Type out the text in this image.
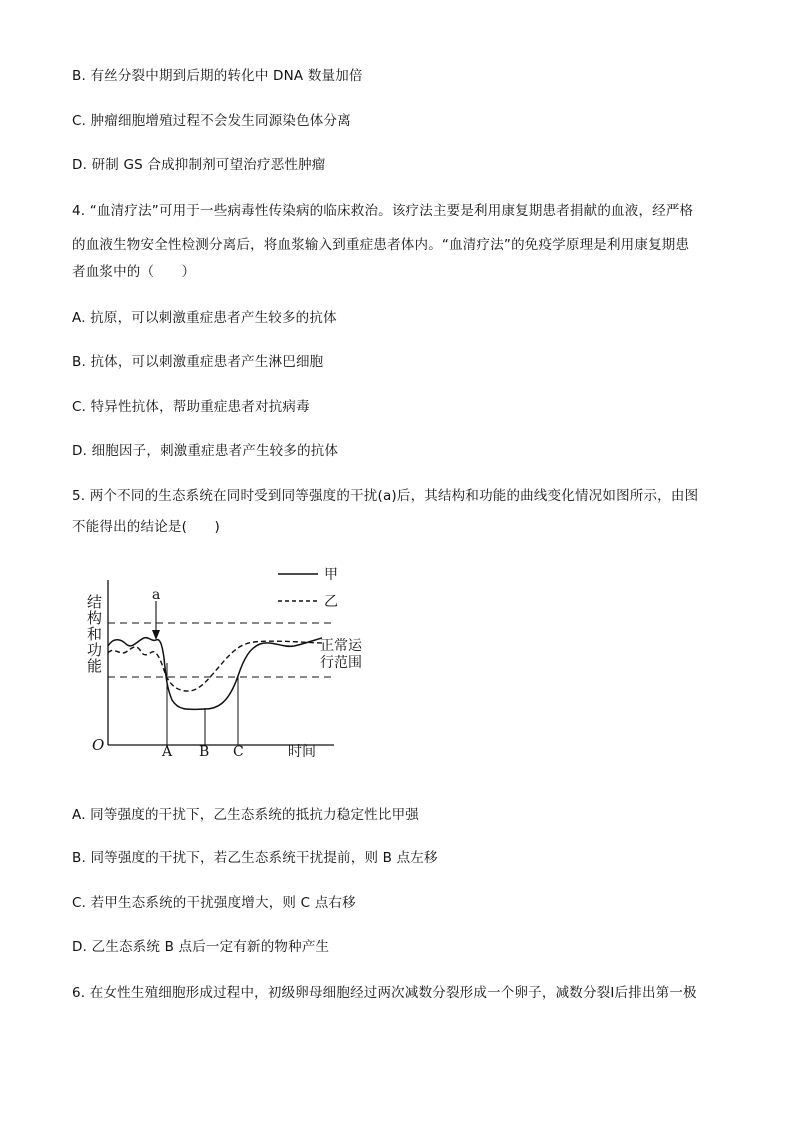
B. 有丝分裂中期到后期的转化中 DNA 数量加倍
C. 肿瘤细胞增殖过程不会发生同源染色体分离
D. 研制 GS 合成抑制剂可望治疗恶性肿瘤
4. “血清疗法”可用于一些病毒性传染病的临床救治。该疗法主要是利用康复期患者捐献的血液，经严格
的血液生物安全性检测分离后，将血浆输入到重症患者体内。“血清疗法”的免疫学原理是利用康复期患
者血浆中的（　　）
A. 抗原，可以刺激重症患者产生较多的抗体
B. 抗体，可以刺激重症患者产生淋巴细胞
C. 特异性抗体，帮助重症患者对抗病毒
D. 细胞因子，刺激重症患者产生较多的抗体
5. 两个不同的生态系统在同时受到同等强度的干扰(a)后，其结构和功能的曲线变化情况如图所示，由图
不能得出的结论是(　　)
a
结构和功能
O	A B C	时间
正常运
行范围
甲
乙
A. 同等强度的干扰下，乙生态系统的抵抗力稳定性比甲强
B. 同等强度的干扰下，若乙生态系统干扰提前，则 B 点左移
C. 若甲生态系统的干扰强度增大，则 C 点右移
D. 乙生态系统 B 点后一定有新的物种产生
6. 在女性生殖细胞形成过程中，初级卵母细胞经过两次减数分裂形成一个卵子，减数分裂Ⅰ后排出第一极
